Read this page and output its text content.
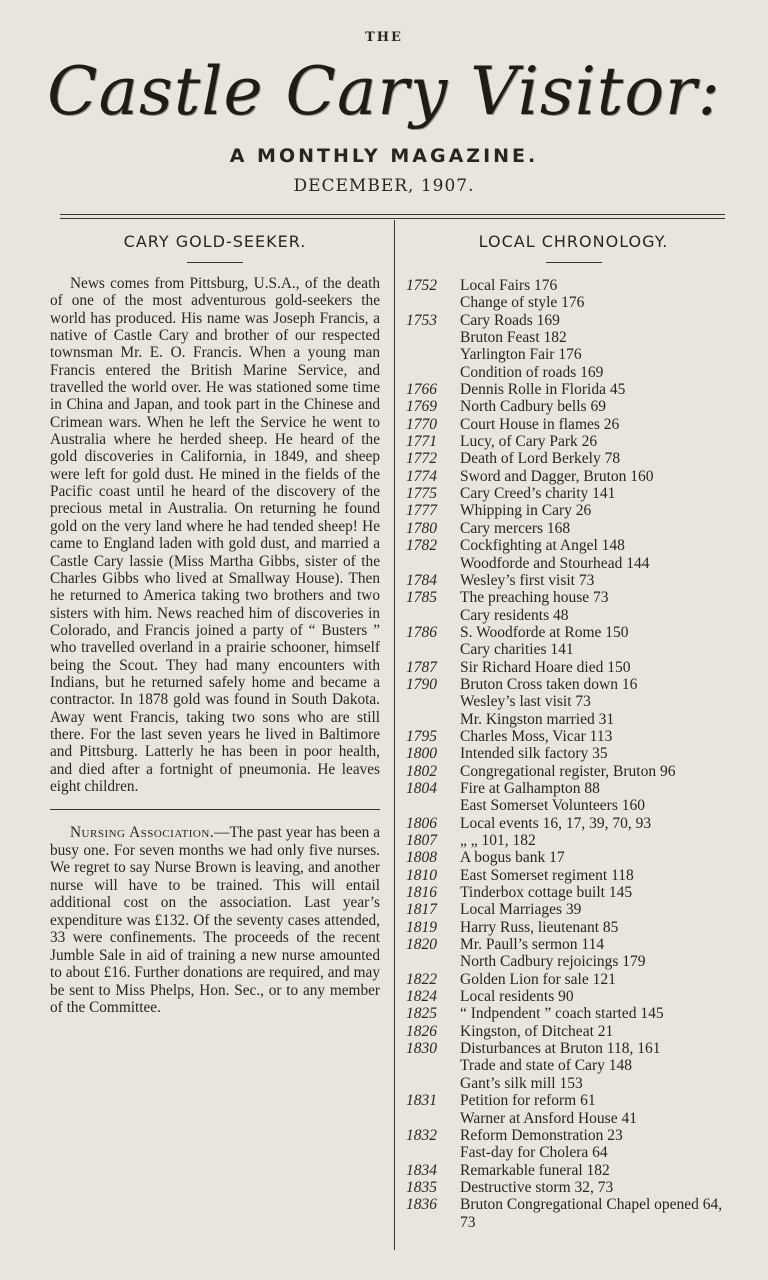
THE
Castle Cary Visitor:
A MONTHLY MAGAZINE.
DECEMBER, 1907.
CARY GOLD-SEEKER.

News comes from Pittsburg, U.S.A., of the death of one of the most adventurous gold-seekers the world has produced. His name was Joseph Francis, a native of Castle Cary and brother of our respected townsman Mr. E. O. Francis. When a young man Francis entered the British Marine Service, and travelled the world over. He was stationed some time in China and Japan, and took part in the Chinese and Crimean wars. When he left the Service he went to Australia where he herded sheep. He heard of the gold discoveries in California, in 1849, and sheep were left for gold dust. He mined in the fields of the Pacific coast until he heard of the discovery of the precious metal in Australia. On returning he found gold on the very land where he had tended sheep! He came to England laden with gold dust, and married a Castle Cary lassie (Miss Martha Gibbs, sister of the Charles Gibbs who lived at Smallway House). Then he returned to America taking two brothers and two sisters with him. News reached him of discoveries in Colorado, and Francis joined a party of “ Busters ” who travelled overland in a prairie schooner, himself being the Scout. They had many encounters with Indians, but he returned safely home and became a contractor. In 1878 gold was found in South Dakota. Away went Francis, taking two sons who are still there. For the last seven years he lived in Baltimore and Pittsburg. Latterly he has been in poor health, and died after a fortnight of pneumonia. He leaves eight children.

Nursing Association.—The past year has been a busy one. For seven months we had only five nurses. We regret to say Nurse Brown is leaving, and another nurse will have to be trained. This will entail additional cost on the association. Last year’s expenditure was £132. Of the seventy cases attended, 33 were confinements. The proceeds of the recent Jumble Sale in aid of training a new nurse amounted to about £16. Further donations are required, and may be sent to Miss Phelps, Hon. Sec., or to any member of the Committee.

LOCAL CHRONOLOGY.
1752	Local Fairs 176
Change of style 176
1753	Cary Roads 169
Bruton Feast 182
Yarlington Fair 176
Condition of roads 169
1766	Dennis Rolle in Florida 45
1769	North Cadbury bells 69
1770	Court House in flames 26
1771	Lucy, of Cary Park 26
1772	Death of Lord Berkely 78
1774	Sword and Dagger, Bruton 160
1775	Cary Creed’s charity 141
1777	Whipping in Cary 26
1780	Cary mercers 168
1782	Cockfighting at Angel 148
Woodforde and Stourhead 144
1784	Wesley’s first visit 73
1785	The preaching house 73
Cary residents 48
1786	S. Woodforde at Rome 150
Cary charities 141
1787	Sir Richard Hoare died 150
1790	Bruton Cross taken down 16
Wesley’s last visit 73
Mr. Kingston married 31
1795	Charles Moss, Vicar 113
1800	Intended silk factory 35
1802	Congregational register, Bruton 96
1804	Fire at Galhampton 88
East Somerset Volunteers 160
1806	Local events 16, 17, 39, 70, 93
1807	„ „ 101, 182
1808	A bogus bank 17
1810	East Somerset regiment 118
1816	Tinderbox cottage built 145
1817	Local Marriages 39
1819	Harry Russ, lieutenant 85
1820	Mr. Paull’s sermon 114
North Cadbury rejoicings 179
1822	Golden Lion for sale 121
1824	Local residents 90
1825	“ Indpendent ” coach started 145
1826	Kingston, of Ditcheat 21
1830	Disturbances at Bruton 118, 161
Trade and state of Cary 148
Gant’s silk mill 153
1831	Petition for reform 61
Warner at Ansford House 41
1832	Reform Demonstration 23
Fast-day for Cholera 64
1834	Remarkable funeral 182
1835	Destructive storm 32, 73
1836	Bruton Congregational Chapel opened 64, 73
